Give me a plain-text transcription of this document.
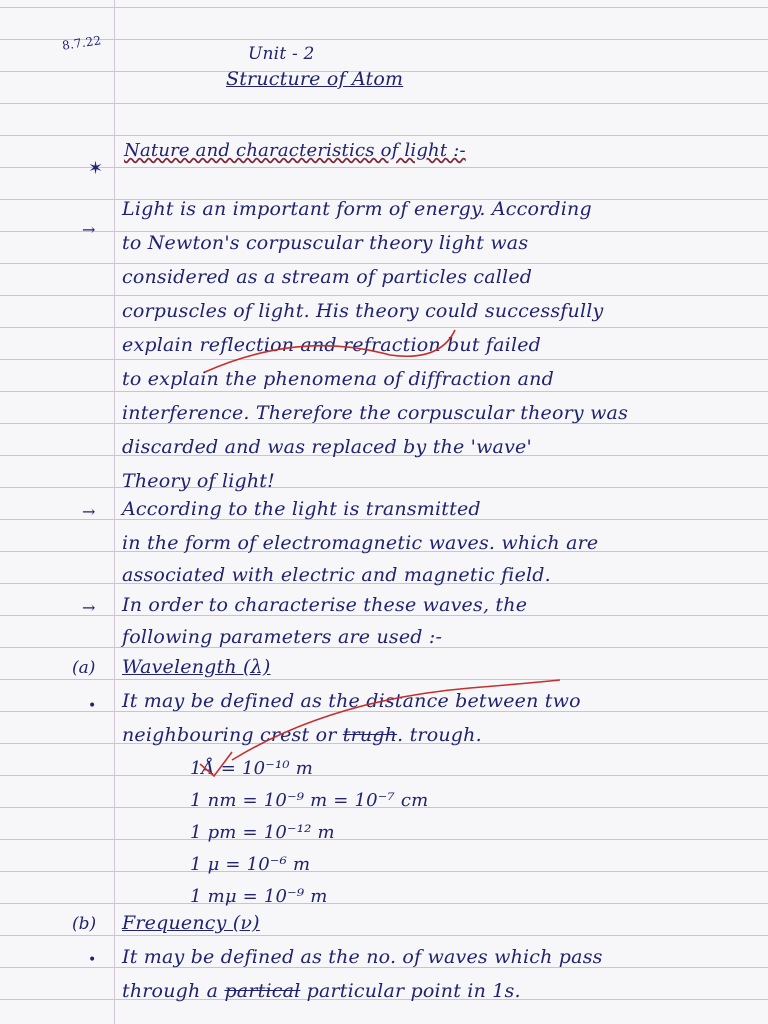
8.7.22
Unit - 2
Structure of Atom
✶
Nature and characteristics of light :-
→
Light is an important form of energy. According
to Newton's corpuscular theory light was
considered as a stream of particles called
corpuscles of light. His theory could successfully
explain reflection and refraction but failed
to explain the phenomena of diffraction and
interference. Therefore the corpuscular theory was
discarded and was replaced by the 'wave'
Theory of light!
→ According to the light is transmitted
in the form of electromagnetic waves. which are
associated with electric and magnetic field.
→ In order to characterise these waves, the
following parameters are used :-
(a) Wavelength (λ)
• It may be defined as the distance between two
neighbouring crest or trugh. trough.
1Å = 10⁻¹⁰ m
1 nm = 10⁻⁹ m = 10⁻⁷ cm
1 pm = 10⁻¹² m
1 μ = 10⁻⁶ m
1 mμ = 10⁻⁹ m
(b) Frequency (ν)
• It may be defined as the no. of waves which pass
through a partical particular point in 1s.
